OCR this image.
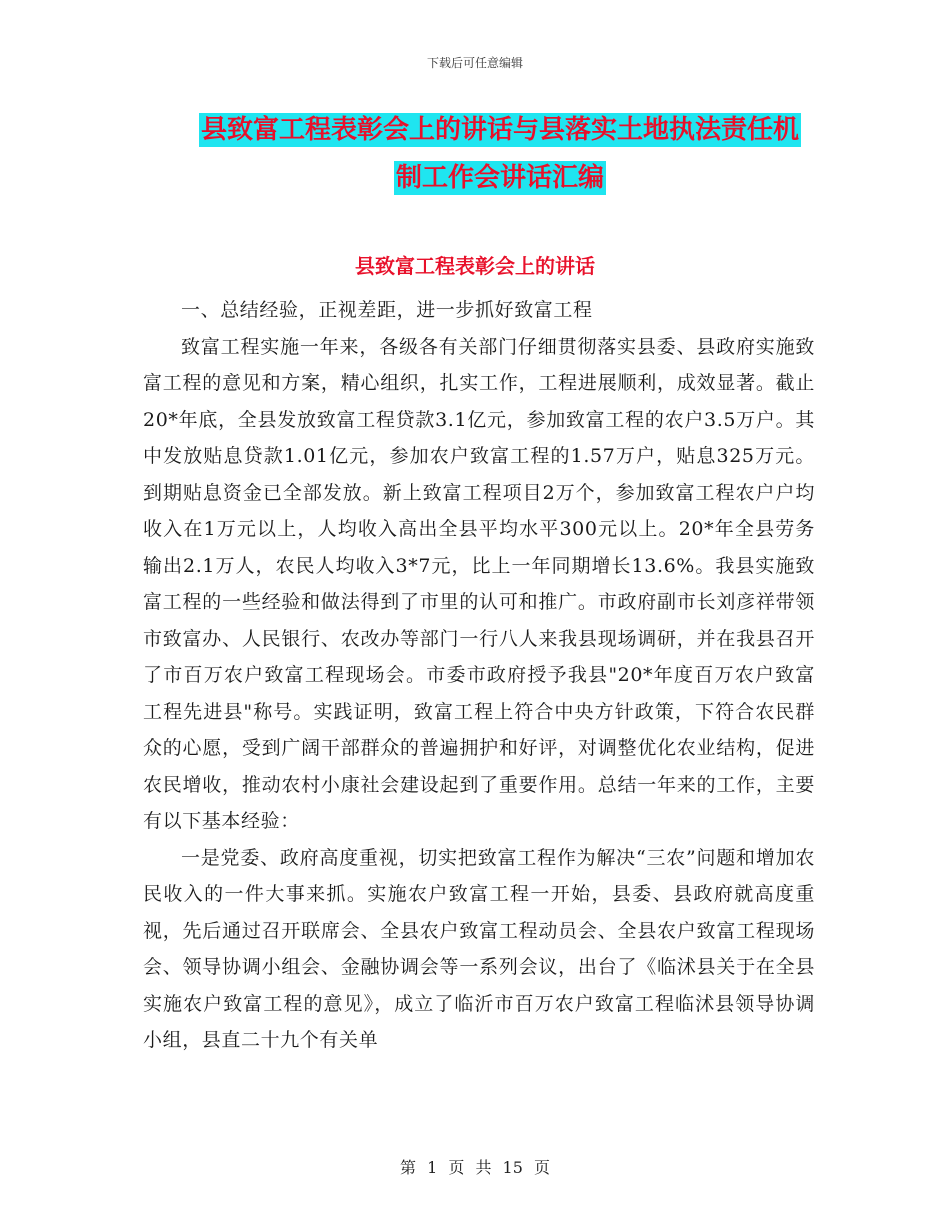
下载后可任意编辑
县致富工程表彰会上的讲话与县落实土地执法责任机
制工作会讲话汇编
县致富工程表彰会上的讲话

一、总结经验，正视差距，进一步抓好致富工程

致富工程实施一年来，各级各有关部门仔细贯彻落实县委、县政府实施致富工程的意见和方案，精心组织，扎实工作，工程进展顺利，成效显著。截止20*年底，全县发放致富工程贷款3.1亿元，参加致富工程的农户3.5万户。其中发放贴息贷款1.01亿元，参加农户致富工程的1.57万户，贴息325万元。到期贴息资金已全部发放。新上致富工程项目2万个，参加致富工程农户户均收入在1万元以上，人均收入高出全县平均水平300元以上。20*年全县劳务输出2.1万人，农民人均收入3*7元，比上一年同期增长13.6%。我县实施致富工程的一些经验和做法得到了市里的认可和推广。市政府副市长刘彦祥带领市致富办、人民银行、农改办等部门一行八人来我县现场调研，并在我县召开了市百万农户致富工程现场会。市委市政府授予我县"20*年度百万农户致富工程先进县"称号。实践证明，致富工程上符合中央方针政策，下符合农民群众的心愿，受到广阔干部群众的普遍拥护和好评，对调整优化农业结构，促进农民增收，推动农村小康社会建设起到了重要作用。总结一年来的工作，主要有以下基本经验：

一是党委、政府高度重视，切实把致富工程作为解决“三农”问题和增加农民收入的一件大事来抓。实施农户致富工程一开始，县委、县政府就高度重视，先后通过召开联席会、全县农户致富工程动员会、全县农户致富工程现场会、领导协调小组会、金融协调会等一系列会议，出台了《临沭县关于在全县实施农户致富工程的意见》，成立了临沂市百万农户致富工程临沭县领导协调小组，县直二十九个有关单

第 1 页 共 15 页
